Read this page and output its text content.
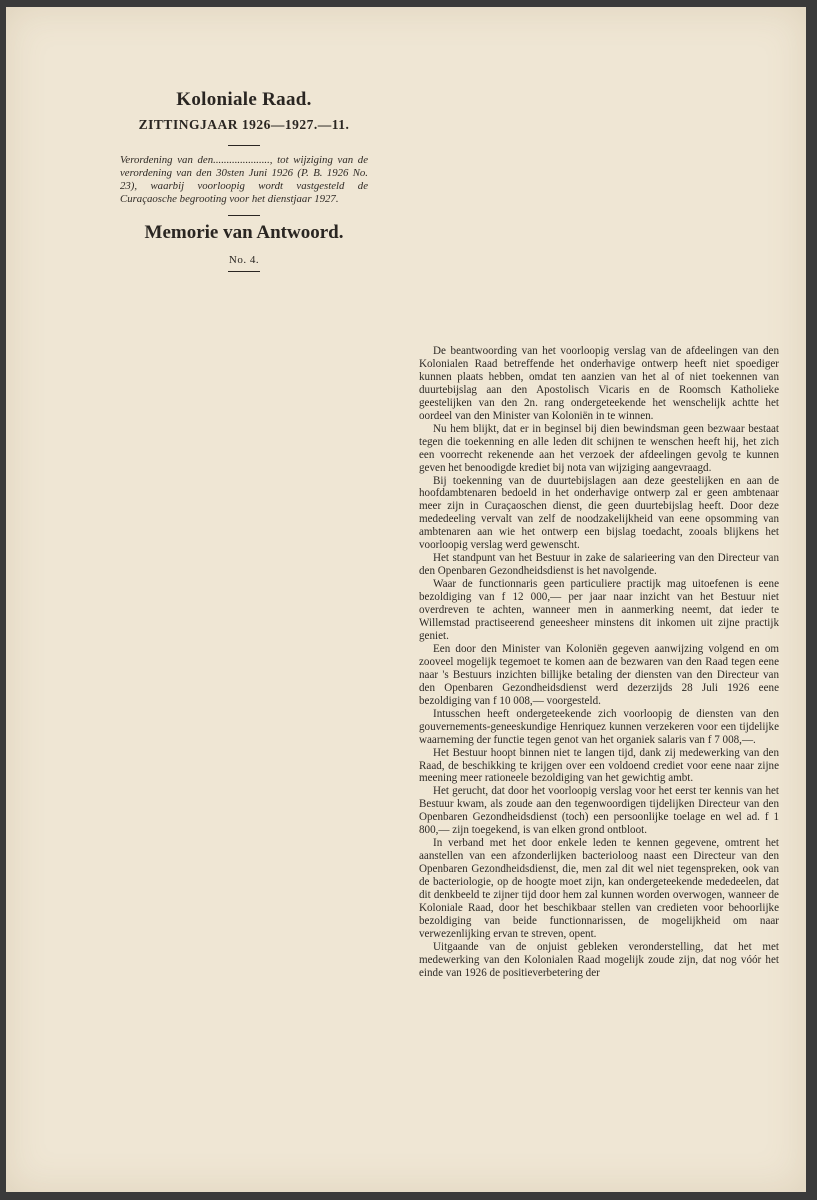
Koloniale Raad.
ZITTINGJAAR 1926—1927.—11.

Verordening van den....................., tot wijziging van de verordening van den 30sten Juni 1926 (P. B. 1926 No. 23), waarbij voorloopig wordt vastgesteld de Curaçaosche begrooting voor het dienstjaar 1927.

Memorie van Antwoord.
No. 4.

De beantwoording van het voorloopig verslag van de afdeelingen van den Kolonialen Raad betreffende het onderhavige ontwerp heeft niet spoediger kunnen plaats hebben, omdat ten aanzien van het al of niet toekennen van duurtebijslag aan den Apostolisch Vicaris en de Roomsch Katholieke geestelijken van den 2n. rang ondergeteekende het wenschelijk achtte het oordeel van den Minister van Koloniën in te winnen.

Nu hem blijkt, dat er in beginsel bij dien bewindsman geen bezwaar bestaat tegen die toekenning en alle leden dit schijnen te wenschen heeft hij, het zich een voorrecht rekenende aan het verzoek der afdeelingen gevolg te kunnen geven het benoodigde krediet bij nota van wijziging aangevraagd.

Bij toekenning van de duurtebijslagen aan deze geestelijken en aan de hoofdambtenaren bedoeld in het onderhavige ontwerp zal er geen ambtenaar meer zijn in Curaçaoschen dienst, die geen duurtebijslag heeft. Door deze mededeeling vervalt van zelf de noodzakelijkheid van eene opsomming van ambtenaren aan wie het ontwerp een bijslag toedacht, zooals blijkens het voorloopig verslag werd gewenscht.

Het standpunt van het Bestuur in zake de salarieering van den Directeur van den Openbaren Gezondheidsdienst is het navolgende.

Waar de functionnaris geen particuliere practijk mag uitoefenen is eene bezoldiging van f 12 000,— per jaar naar inzicht van het Bestuur niet overdreven te achten, wanneer men in aanmerking neemt, dat ieder te Willemstad practiseerend geneesheer minstens dit inkomen uit zijne practijk geniet.

Een door den Minister van Koloniën gegeven aanwijzing volgend en om zooveel mogelijk tegemoet te komen aan de bezwaren van den Raad tegen eene naar 's Bestuurs inzichten billijke betaling der diensten van den Directeur van den Openbaren Gezondheidsdienst werd dezerzijds 28 Juli 1926 eene bezoldiging van f 10 008,— voorgesteld.

Intusschen heeft ondergeteekende zich voorloopig de diensten van den gouvernements-geneeskundige Henriquez kunnen verzekeren voor een tijdelijke waarneming der functie tegen genot van het organiek salaris van f 7 008,—.

Het Bestuur hoopt binnen niet te langen tijd, dank zij medewerking van den Raad, de beschikking te krijgen over een voldoend crediet voor eene naar zijne meening meer rationeele bezoldiging van het gewichtig ambt.

Het gerucht, dat door het voorloopig verslag voor het eerst ter kennis van het Bestuur kwam, als zoude aan den tegenwoordigen tijdelijken Directeur van den Openbaren Gezondheidsdienst (toch) een persoonlijke toelage en wel ad. f 1 800,— zijn toegekend, is van elken grond ontbloot.

In verband met het door enkele leden te kennen gegevene, omtrent het aanstellen van een afzonderlijken bacterioloog naast een Directeur van den Openbaren Gezondheidsdienst, die, men zal dit wel niet tegenspreken, ook van de bacteriologie, op de hoogte moet zijn, kan ondergeteekende mededeelen, dat dit denkbeeld te zijner tijd door hem zal kunnen worden overwogen, wanneer de Koloniale Raad, door het beschikbaar stellen van credieten voor behoorlijke bezoldiging van beide functionnarissen, de mogelijkheid om naar verwezenlijking ervan te streven, opent.

Uitgaande van de onjuist gebleken veronderstelling, dat het met medewerking van den Kolonialen Raad mogelijk zoude zijn, dat nog vóór het einde van 1926 de positieverbetering der
